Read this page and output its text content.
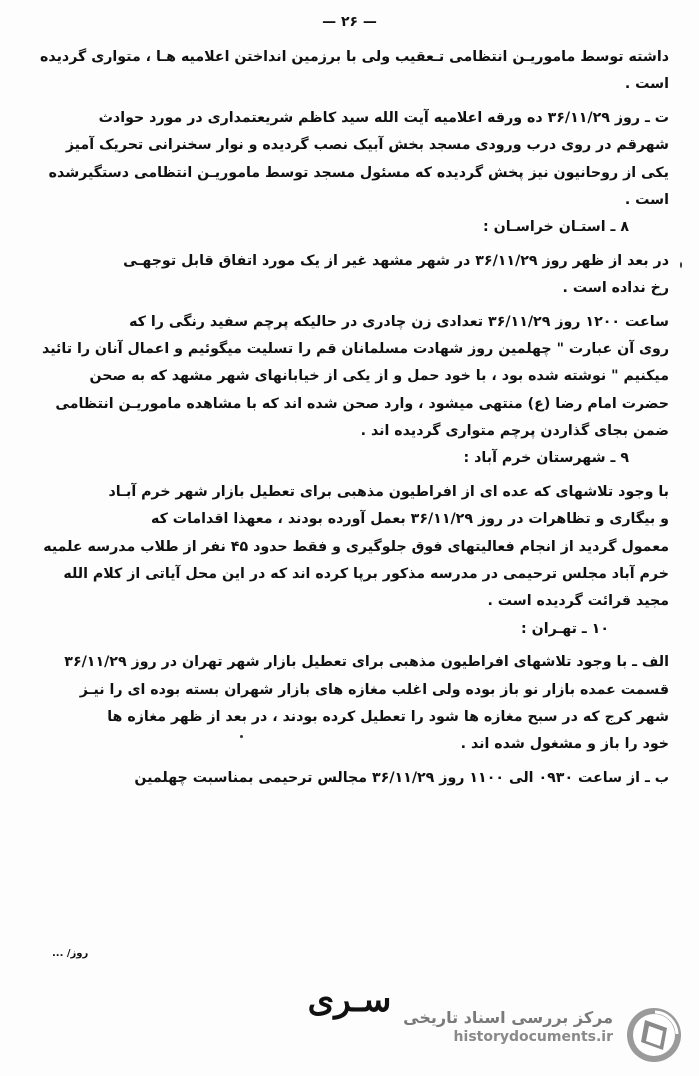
— ۲۶ —
داشته توسط ماموریـن انتظامی تـعقیب ولی با برزمین انداختن اعلامیه هـا ، متواری گردیده
است .
ت ـ روز ۳۶/۱۱/۲۹ ده ورقه اعلامیه آیت الله سید کاظم شریعتمداری در مورد حوادث
شهرقم در روی درب ورودی مسجد بخش آبیک نصب گردیده و نوار سخنرانی تحریک آمیز
یکی از روحانیون نیز پخش گردیده که مسئول مسجد توسط ماموریـن انتظامی دستگیرشده
است .
۸ ـ استـان خراسـان :
در بعد از ظهر روز ۳۶/۱۱/۲۹ در شهر مشهد غیر از یک مورد اتفاق قابل توجهـی
رخ نداده است .
ساعت ۱۲۰۰ روز ۳۶/۱۱/۲۹ تعدادی زن چادری در حالیکه پرچم سفید رنگی را که
روی آن عبارت " چهلمین روز شهادت مسلمانان قم را تسلیت میگوئیم و اعمال آنان را تائید
میکنیم " نوشته شده بود ، با خود حمل و از یکی از خیابانهای شهر مشهد که به صحن
حضرت امام رضا (ع) منتهی میشود ، وارد صحن شده اند که با مشاهده ماموریـن انتظامی
ضمن بجای گذاردن پرچم متواری گردیده اند .
۹ ـ شهرستان خرم آباد :
با وجود تلاشهای که عده ای از افراطیون مذهبی برای تعطیل بازار شهر خرم آبـاد
و بیگاری و تظاهرات در روز ۳۶/۱۱/۲۹ بعمل آورده بودند ، معهذا اقدامات که
معمول گردید از انجام فعالیتهای فوق جلوگیری و فقط حدود ۴۵ نفر از طلاب مدرسه علمیه
خرم آباد مجلس ترحیمی در مدرسه مذکور برپا کرده اند که در این محل آیاتی از کلام الله
مجید قرائت گردیده است .
۱۰ ـ تهـران :
الف ـ با وجود تلاشهای افراطیون مذهبی برای تعطیل بازار شهر تهران در روز ۳۶/۱۱/۲۹
قسمت عمده بازار نو باز بوده ولی اغلب مغازه های بازار شهران بسته بوده ای را نیـز
شهر کرج که در سبح مغازه ها شود را تعطیل کرده بودند ، در بعد از ظهر مغازه ها
خود را باز و مشغول شده اند .
ب ـ از ساعت ۰۹۳۰ الی ۱۱۰۰ روز ۳۶/۱۱/۲۹ مجالس ترحیمی بمناسبت چهلمین
روز/ ...
سـری مرکز بررسی اسناد تاریخی
historydocuments.ir
